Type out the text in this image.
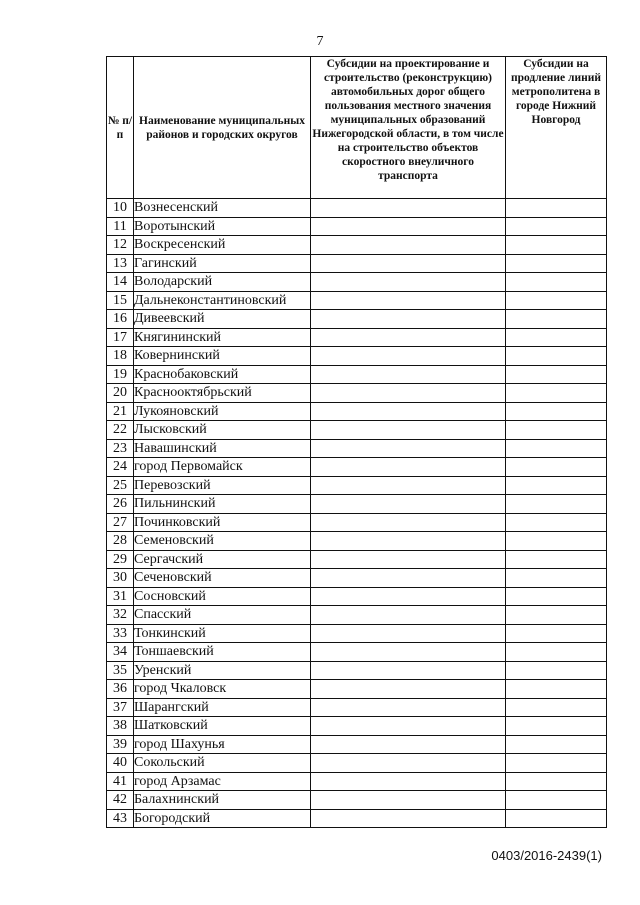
7
№ п/п	Наименование муниципальных районов и городских округов	Субсидии на проектирование и строительство (реконструкцию) автомобильных дорог общего пользования местного значения муниципальных образований Нижегородской области, в том числе на строительство объектов скоростного внеуличного транспорта	Субсидии на продление линий метрополитена в городе Нижний Новгород
10	Вознесенский		
11	Воротынский		
12	Воскресенский		
13	Гагинский		
14	Володарский		
15	Дальнеконстантиновский		
16	Дивеевский		
17	Княгининский		
18	Ковернинский		
19	Краснобаковский		
20	Краснооктябрьский		
21	Лукояновский		
22	Лысковский		
23	Навашинский		
24	город Первомайск		
25	Перевозский		
26	Пильнинский		
27	Починковский		
28	Семеновский		
29	Сергачский		
30	Сеченовский		
31	Сосновский		
32	Спасский		
33	Тонкинский		
34	Тоншаевский		
35	Уренский		
36	город Чкаловск		
37	Шарангский		
38	Шатковский		
39	город Шахунья		
40	Сокольский		
41	город Арзамас		
42	Балахнинский		
43	Богородский		
0403/2016-2439(1)
